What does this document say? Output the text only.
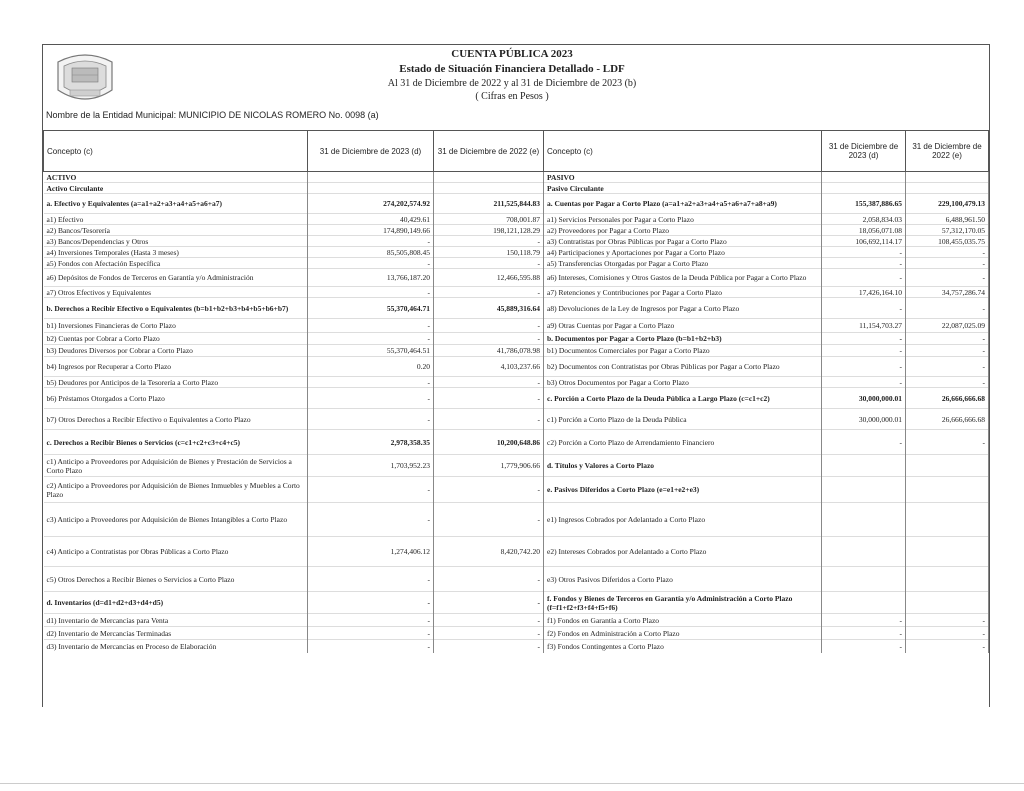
CUENTA PÚBLICA 2023
Estado de Situación Financiera Detallado - LDF
Al 31 de Diciembre de 2022 y al 31 de Diciembre de 2023 (b)
( Cifras en Pesos )
Nombre de la Entidad Municipal: MUNICIPIO DE NICOLAS ROMERO No. 0098 (a)
Concepto (c)	31 de Diciembre de 2023 (d)	31 de Diciembre de 2022 (e)	Concepto (c)	31 de Diciembre de 2023 (d)	31 de Diciembre de 2022 (e)
ACTIVO			PASIVO		
Activo Circulante			Pasivo Circulante		
a. Efectivo y Equivalentes (a=a1+a2+a3+a4+a5+a6+a7)	274,202,574.92	211,525,844.83	a. Cuentas por Pagar a Corto Plazo (a=a1+a2+a3+a4+a5+a6+a7+a8+a9)	155,387,886.65	229,100,479.13
a1) Efectivo	40,429.61	708,001.87	a1) Servicios Personales por Pagar a Corto Plazo	2,058,834.03	6,488,961.50
a2) Bancos/Tesorería	174,890,149.66	198,121,128.29	a2) Proveedores por Pagar a Corto Plazo	18,056,071.08	57,312,170.05
a3) Bancos/Dependencias y Otros	-	-	a3) Contratistas por Obras Públicas por Pagar a Corto Plazo	106,692,114.17	108,455,035.75
a4) Inversiones Temporales (Hasta 3 meses)	85,505,808.45	150,118.79	a4) Participaciones y Aportaciones por Pagar a Corto Plazo	-	-
a5) Fondos con Afectación Específica	-	-	a5) Transferencias Otorgadas por Pagar a Corto Plazo	-	-
a6) Depósitos de Fondos de Terceros en Garantía y/o Administración	13,766,187.20	12,466,595.88	a6) Intereses, Comisiones y Otros Gastos de la Deuda Pública por Pagar a Corto Plazo	-	-
a7) Otros Efectivos y Equivalentes	-	-	a7) Retenciones y Contribuciones por Pagar a Corto Plazo	17,426,164.10	34,757,286.74
b. Derechos a Recibir Efectivo o Equivalentes (b=b1+b2+b3+b4+b5+b6+b7)	55,370,464.71	45,889,316.64	a8) Devoluciones de la Ley de Ingresos por Pagar a Corto Plazo	-	-
b1) Inversiones Financieras de Corto Plazo	-	-	a9) Otras Cuentas por Pagar a Corto Plazo	11,154,703.27	22,087,025.09
b2) Cuentas por Cobrar a Corto Plazo	-	-	b. Documentos por Pagar a Corto Plazo (b=b1+b2+b3)	-	-
b3) Deudores Diversos por Cobrar a Corto Plazo	55,370,464.51	41,786,078.98	b1) Documentos Comerciales por Pagar a Corto Plazo	-	-
b4) Ingresos por Recuperar a Corto Plazo	0.20	4,103,237.66	b2) Documentos con Contratistas por Obras Públicas por Pagar a Corto Plazo	-	-
b5) Deudores por Anticipos de la Tesorería a Corto Plazo	-	-	b3) Otros Documentos por Pagar a Corto Plazo	-	-
b6) Préstamos Otorgados a Corto Plazo	-	-	c. Porción a Corto Plazo de la Deuda Pública a Largo Plazo (c=c1+c2)	30,000,000.01	26,666,666.68
b7) Otros Derechos a Recibir Efectivo o Equivalentes a Corto Plazo	-	-	c1) Porción a Corto Plazo de la Deuda Pública	30,000,000.01	26,666,666.68
c. Derechos a Recibir Bienes o Servicios (c=c1+c2+c3+c4+c5)	2,978,358.35	10,200,648.86	c2) Porción a Corto Plazo de Arrendamiento Financiero	-	-
c1) Anticipo a Proveedores por Adquisición de Bienes y Prestación de Servicios a Corto Plazo	1,703,952.23	1,779,906.66	d. Títulos y Valores a Corto Plazo		
c2) Anticipo a Proveedores por Adquisición de Bienes Inmuebles y Muebles a Corto Plazo	-	-	e. Pasivos Diferidos a Corto Plazo (e=e1+e2+e3)		
c3) Anticipo a Proveedores por Adquisición de Bienes Intangibles a Corto Plazo	-	-	e1) Ingresos Cobrados por Adelantado a Corto Plazo		
c4) Anticipo a Contratistas por Obras Públicas a Corto Plazo	1,274,406.12	8,420,742.20	e2) Intereses Cobrados por Adelantado a Corto Plazo		
c5) Otros Derechos a Recibir Bienes o Servicios a Corto Plazo	-	-	e3) Otros Pasivos Diferidos a Corto Plazo		
d. Inventarios (d=d1+d2+d3+d4+d5)	-	-	f. Fondos y Bienes de Terceros en Garantía y/o Administración a Corto Plazo (f=f1+f2+f3+f4+f5+f6)		
d1) Inventario de Mercancías para Venta	-	-	f1) Fondos en Garantía a Corto Plazo	-	-
d2) Inventario de Mercancías Terminadas	-	-	f2) Fondos en Administración a Corto Plazo	-	-
d3) Inventario de Mercancías en Proceso de Elaboración	-	-	f3) Fondos Contingentes a Corto Plazo	-	-
